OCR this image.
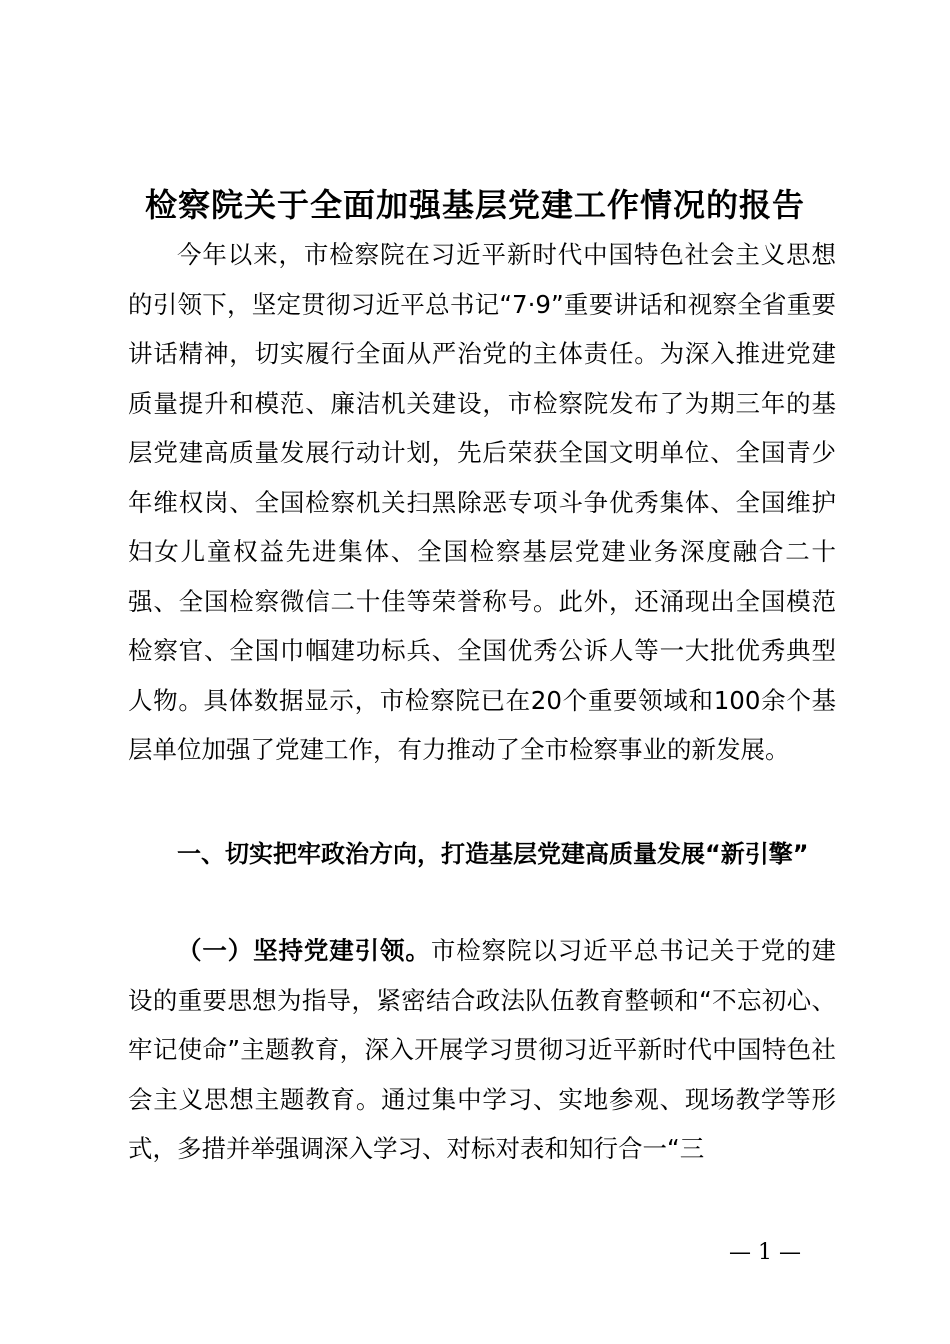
检察院关于全面加强基层党建工作情况的报告

今年以来，市检察院在习近平新时代中国特色社会主义思想的引领下，坚定贯彻习近平总书记“7·9”重要讲话和视察全省重要讲话精神，切实履行全面从严治党的主体责任。为深入推进党建质量提升和模范、廉洁机关建设，市检察院发布了为期三年的基层党建高质量发展行动计划，先后荣获全国文明单位、全国青少年维权岗、全国检察机关扫黑除恶专项斗争优秀集体、全国维护妇女儿童权益先进集体、全国检察基层党建业务深度融合二十强、全国检察微信二十佳等荣誉称号。此外，还涌现出全国模范检察官、全国巾帼建功标兵、全国优秀公诉人等一大批优秀典型人物。具体数据显示，市检察院已在20个重要领域和100余个基层单位加强了党建工作，有力推动了全市检察事业的新发展。

一、切实把牢政治方向，打造基层党建高质量发展“新引擎”

（一）坚持党建引领。市检察院以习近平总书记关于党的建设的重要思想为指导，紧密结合政法队伍教育整顿和“不忘初心、牢记使命”主题教育，深入开展学习贯彻习近平新时代中国特色社会主义思想主题教育。通过集中学习、实地参观、现场教学等形式，多措并举强调深入学习、对标对表和知行合一“三

— 1 —
